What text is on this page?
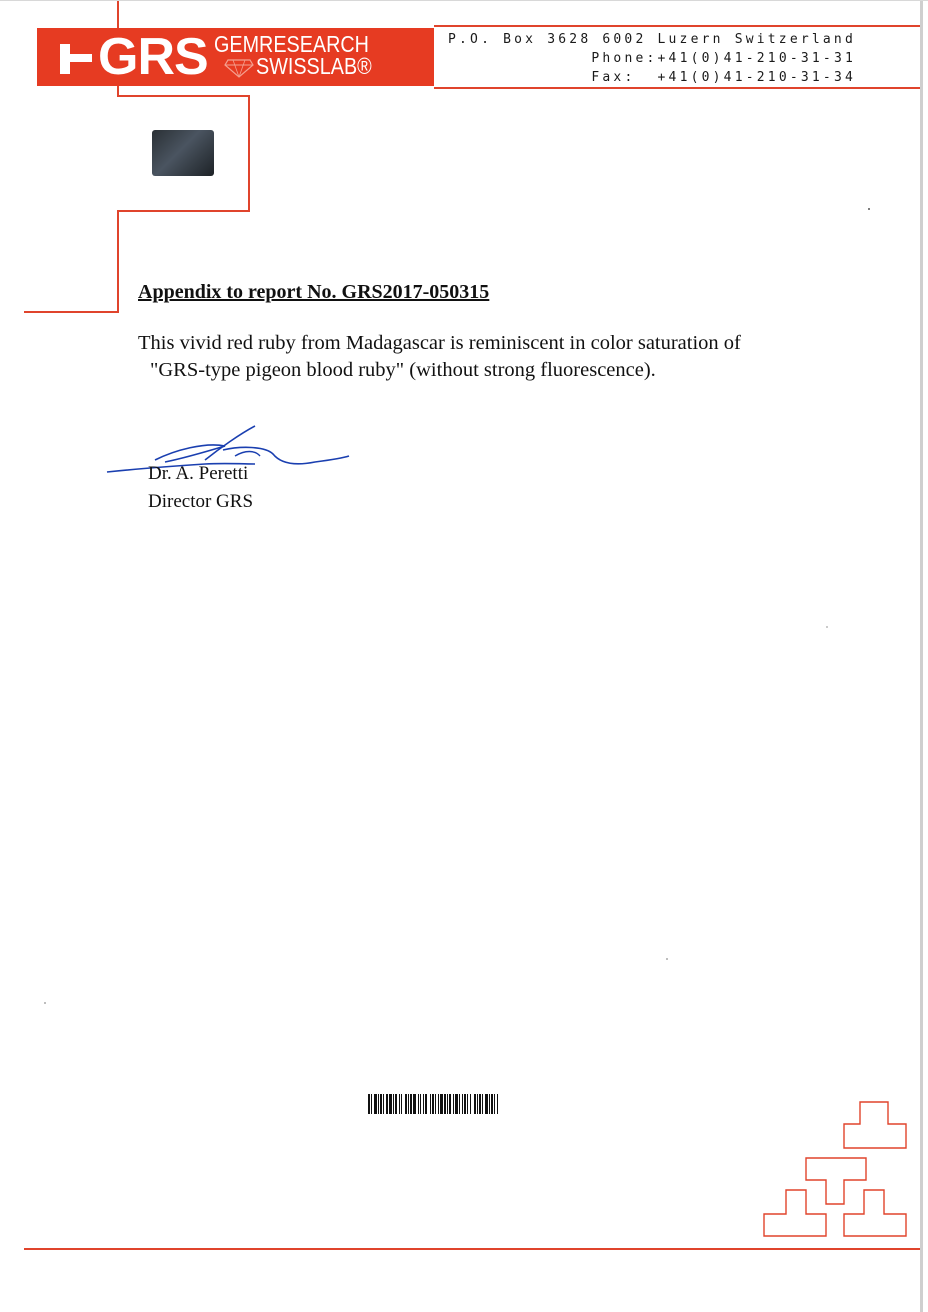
GRS GEMRESEARCH
SWISSLAB®
P.O. Box 3628 6002 Luzern Switzerland
Phone:+41(0)41-210-31-31
Fax:  +41(0)41-210-31-34
Appendix to report No. GRS2017-050315
This vivid red ruby from Madagascar is reminiscent in color saturation of
"GRS-type pigeon blood ruby" (without strong fluorescence).
Dr. A. Peretti
Director GRS
